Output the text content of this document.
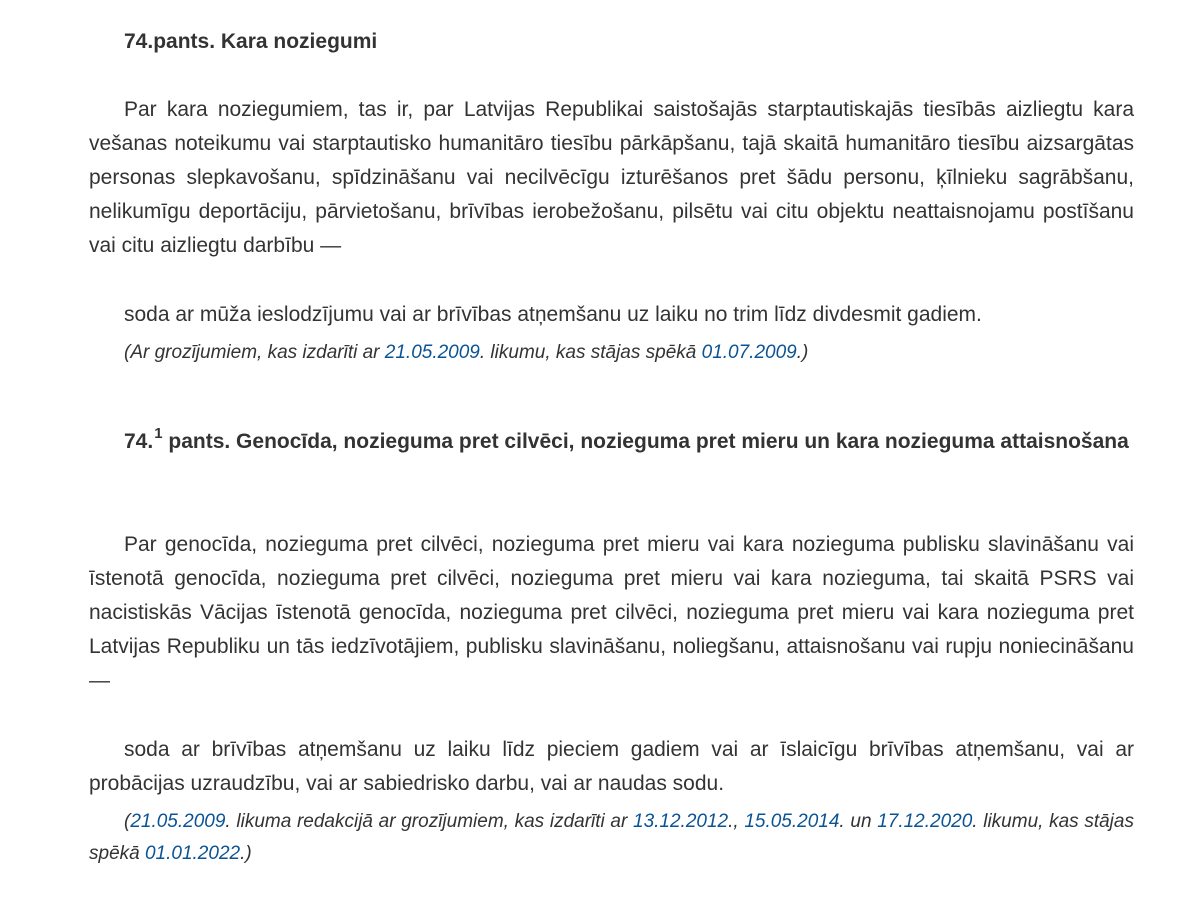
74.pants. Kara noziegumi
Par kara noziegumiem, tas ir, par Latvijas Republikai saistošajās starptautiskajās tiesībās aizliegtu kara vešanas noteikumu vai starptautisko humanitāro tiesību pārkāpšanu, tajā skaitā humanitāro tiesību aizsargātas personas slepkavošanu, spīdzināšanu vai necilvēcīgu izturēšanos pret šādu personu, ķīlnieku sagrābšanu, nelikumīgu deportāciju, pārvietošanu, brīvības ierobežošanu, pilsētu vai citu objektu neattaisnojamu postīšanu vai citu aizliegtu darbību —
soda ar mūža ieslodzījumu vai ar brīvības atņemšanu uz laiku no trim līdz divdesmit gadiem.
(Ar grozījumiem, kas izdarīti ar 21.05.2009. likumu, kas stājas spēkā 01.07.2009.)
74.$^1$ pants. Genocīda, nozieguma pret cilvēci, nozieguma pret mieru un kara nozieguma attaisnošana
Par genocīda, nozieguma pret cilvēci, nozieguma pret mieru vai kara nozieguma publisku slavināšanu vai īstenotā genocīda, nozieguma pret cilvēci, nozieguma pret mieru vai kara nozieguma, tai skaitā PSRS vai nacistiskās Vācijas īstenotā genocīda, nozieguma pret cilvēci, nozieguma pret mieru vai kara nozieguma pret Latvijas Republiku un tās iedzīvotājiem, publisku slavināšanu, noliegšanu, attaisnošanu vai rupju noniecināšanu —
soda ar brīvības atņemšanu uz laiku līdz pieciem gadiem vai ar īslaicīgu brīvības atņemšanu, vai ar probācijas uzraudzību, vai ar sabiedrisko darbu, vai ar naudas sodu.
(21.05.2009. likuma redakcijā ar grozījumiem, kas izdarīti ar 13.12.2012., 15.05.2014. un 17.12.2020. likumu, kas stājas spēkā 01.01.2022.)
